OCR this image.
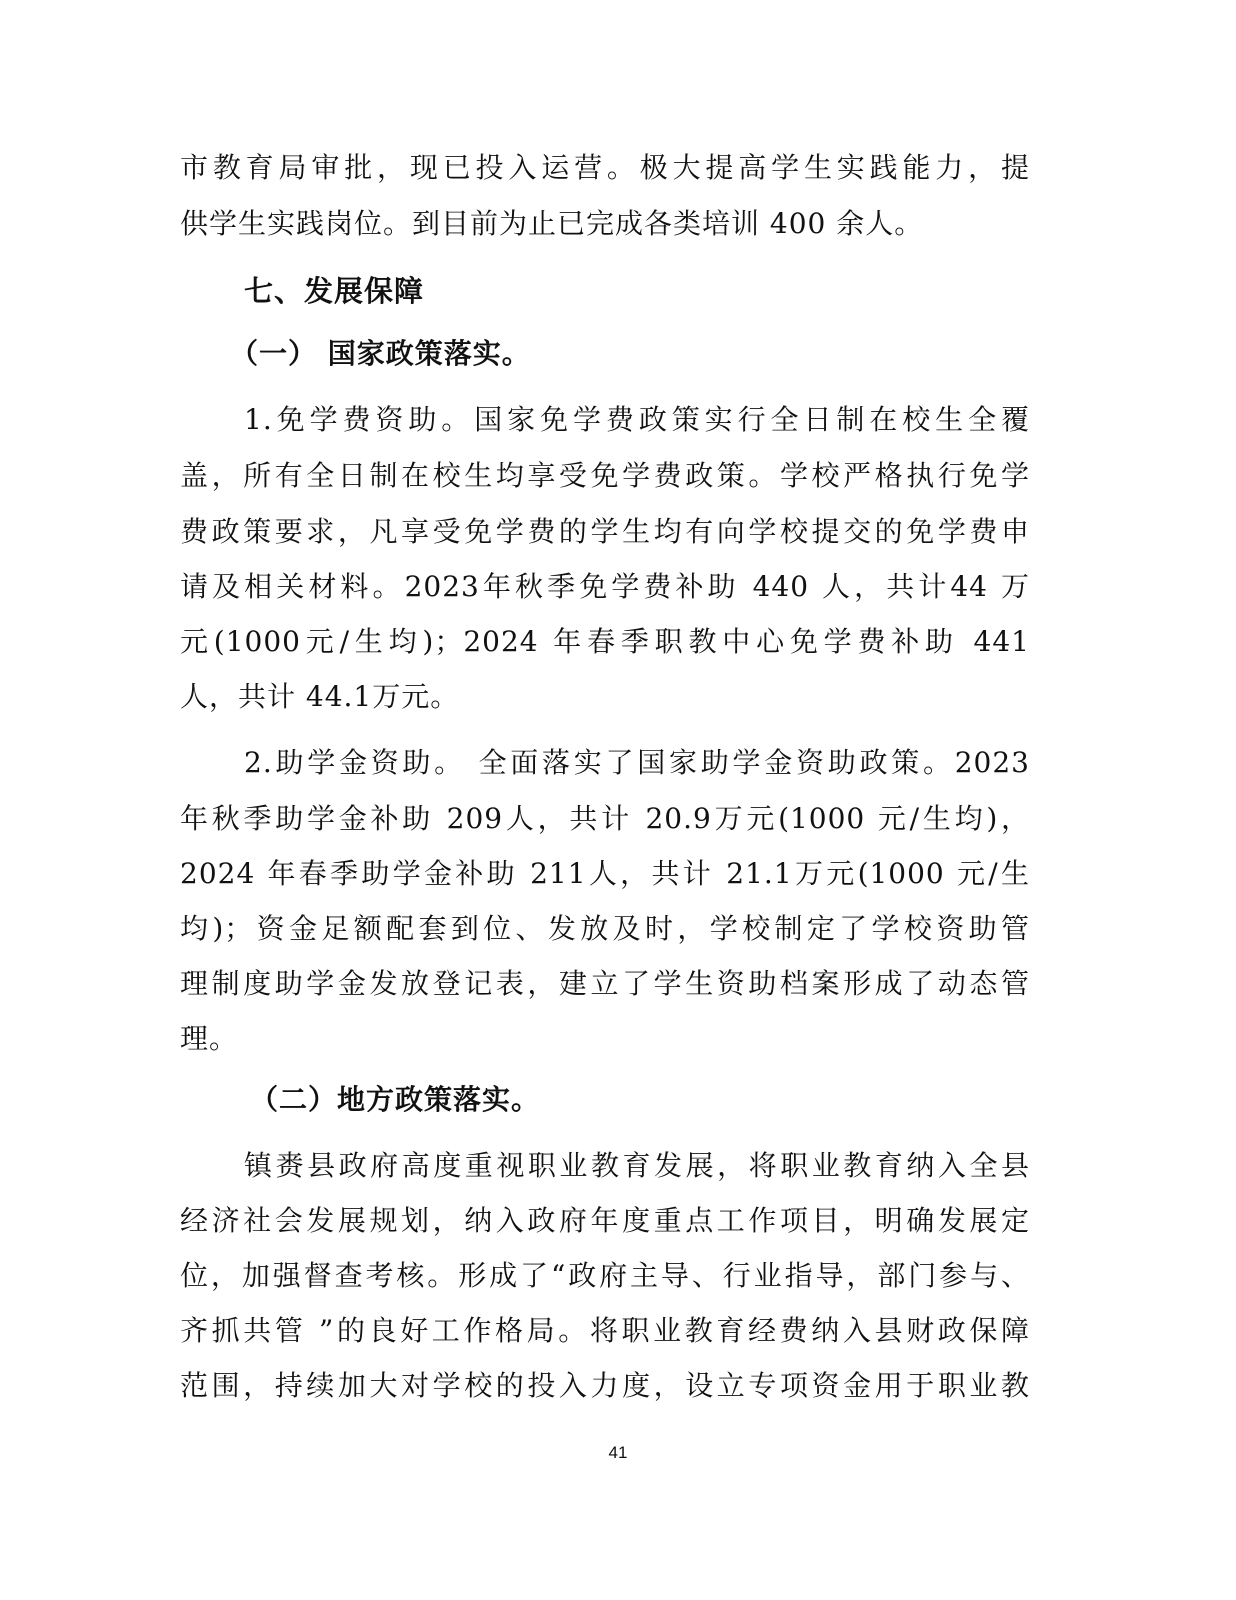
市教育局审批，现已投入运营。极大提高学生实践能力，提
供学生实践岗位。到目前为止已完成各类培训 400 余人。
七、发展保障
（一） 国家政策落实。
1.免学费资助。国家免学费政策实行全日制在校生全覆
盖，所有全日制在校生均享受免学费政策。学校严格执行免学
费政策要求，凡享受免学费的学生均有向学校提交的免学费申
请及相关材料。2023年秋季免学费补助 440 人，共计44 万
元(1000元/生均)；2024 年春季职教中心免学费补助 441
人，共计 44.1万元。
2.助学金资助。 全面落实了国家助学金资助政策。2023
年秋季助学金补助 209人，共计 20.9万元(1000 元/生均)，
2024 年春季助学金补助 211人，共计 21.1万元(1000 元/生
均)；资金足额配套到位、发放及时，学校制定了学校资助管
理制度助学金发放登记表，建立了学生资助档案形成了动态管
理。
（二）地方政策落实。
镇赉县政府高度重视职业教育发展，将职业教育纳入全县
经济社会发展规划，纳入政府年度重点工作项目，明确发展定
位，加强督查考核。形成了“政府主导、行业指导，部门参与、
齐抓共管 ”的良好工作格局。将职业教育经费纳入县财政保障
范围，持续加大对学校的投入力度，设立专项资金用于职业教
41
